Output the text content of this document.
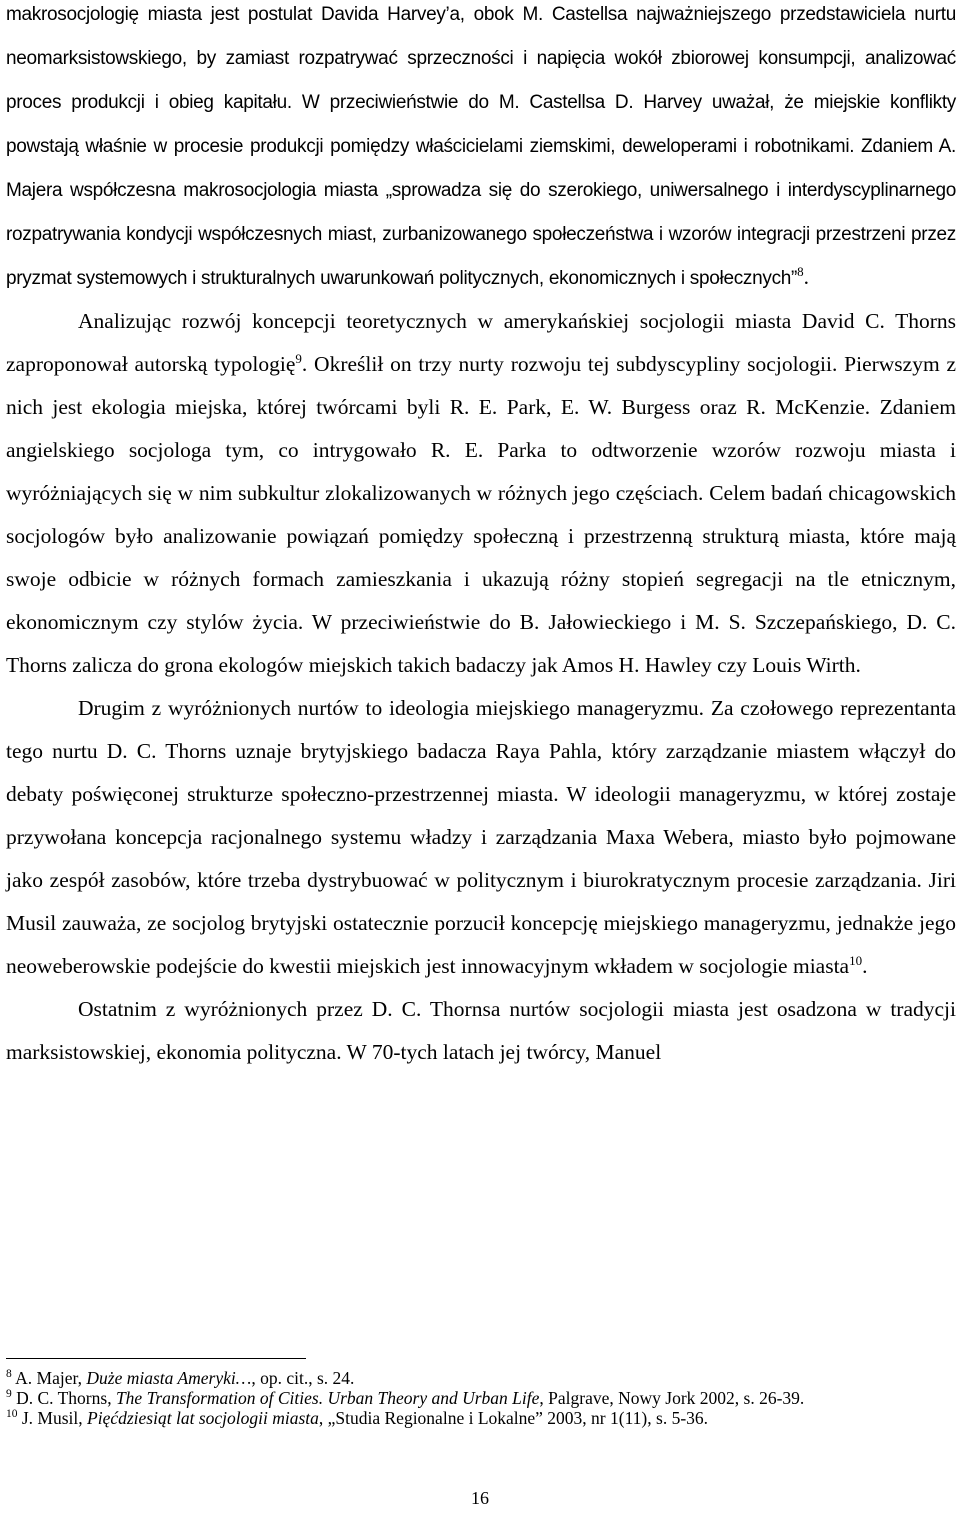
makrosocjologię miasta jest postulat Davida Harvey’a, obok M. Castellsa najważniejszego przedstawiciela nurtu neomarksistowskiego, by zamiast rozpatrywać sprzeczności i napięcia wokół zbiorowej konsumpcji, analizować proces produkcji i obieg kapitału. W przeciwieństwie do M. Castellsa D. Harvey uważał, że miejskie konflikty powstają właśnie w procesie produkcji pomiędzy właścicielami ziemskimi, deweloperami i robotnikami. Zdaniem A. Majera współczesna makrosocjologia miasta „sprowadza się do szerokiego, uniwersalnego i interdyscyplinarnego rozpatrywania kondycji współczesnych miast, zurbanizowanego społeczeństwa i wzorów integracji przestrzeni przez pryzmat systemowych i strukturalnych uwarunkowań politycznych, ekonomicznych i społecznych”$^8$.

Analizując rozwój koncepcji teoretycznych w amerykańskiej socjologii miasta David C. Thorns zaproponował autorską typologię$^9$. Określił on trzy nurty rozwoju tej subdyscypliny socjologii. Pierwszym z nich jest ekologia miejska, której twórcami byli R. E. Park, E. W. Burgess oraz R. McKenzie. Zdaniem angielskiego socjologa tym, co intrygowało R. E. Parka to odtworzenie wzorów rozwoju miasta i wyróżniających się w nim subkultur zlokalizowanych w różnych jego częściach. Celem badań chicagowskich socjologów było analizowanie powiązań pomiędzy społeczną i przestrzenną strukturą miasta, które mają swoje odbicie w różnych formach zamieszkania i ukazują różny stopień segregacji na tle etnicznym, ekonomicznym czy stylów życia. W przeciwieństwie do B. Jałowieckiego i M. S. Szczepańskiego, D. C. Thorns zalicza do grona ekologów miejskich takich badaczy jak Amos H. Hawley czy Louis Wirth.

Drugim z wyróżnionych nurtów to ideologia miejskiego manageryzmu. Za czołowego reprezentanta tego nurtu D. C. Thorns uznaje brytyjskiego badacza Raya Pahla, który zarządzanie miastem włączył do debaty poświęconej strukturze społeczno-przestrzennej miasta. W ideologii manageryzmu, w której zostaje przywołana koncepcja racjonalnego systemu władzy i zarządzania Maxa Webera, miasto było pojmowane jako zespół zasobów, które trzeba dystrybuować w politycznym i biurokratycznym procesie zarządzania. Jiri Musil zauważa, ze socjolog brytyjski ostatecznie porzucił koncepcję miejskiego manageryzmu, jednakże jego neoweberowskie podejście do kwestii miejskich jest innowacyjnym wkładem w socjologie miasta$^{10}$.

Ostatnim z wyróżnionych przez D. C. Thornsa nurtów socjologii miasta jest osadzona w tradycji marksistowskiej, ekonomia polityczna. W 70-tych latach jej twórcy, Manuel

$^8$ A. Majer, Duże miasta Ameryki…, op. cit., s. 24.

$^9$ D. C. Thorns, The Transformation of Cities. Urban Theory and Urban Life, Palgrave, Nowy Jork 2002, s. 26-39.

$^{10}$ J. Musil, Pięćdziesiąt lat socjologii miasta, „Studia Regionalne i Lokalne” 2003, nr 1(11), s. 5-36.

16
